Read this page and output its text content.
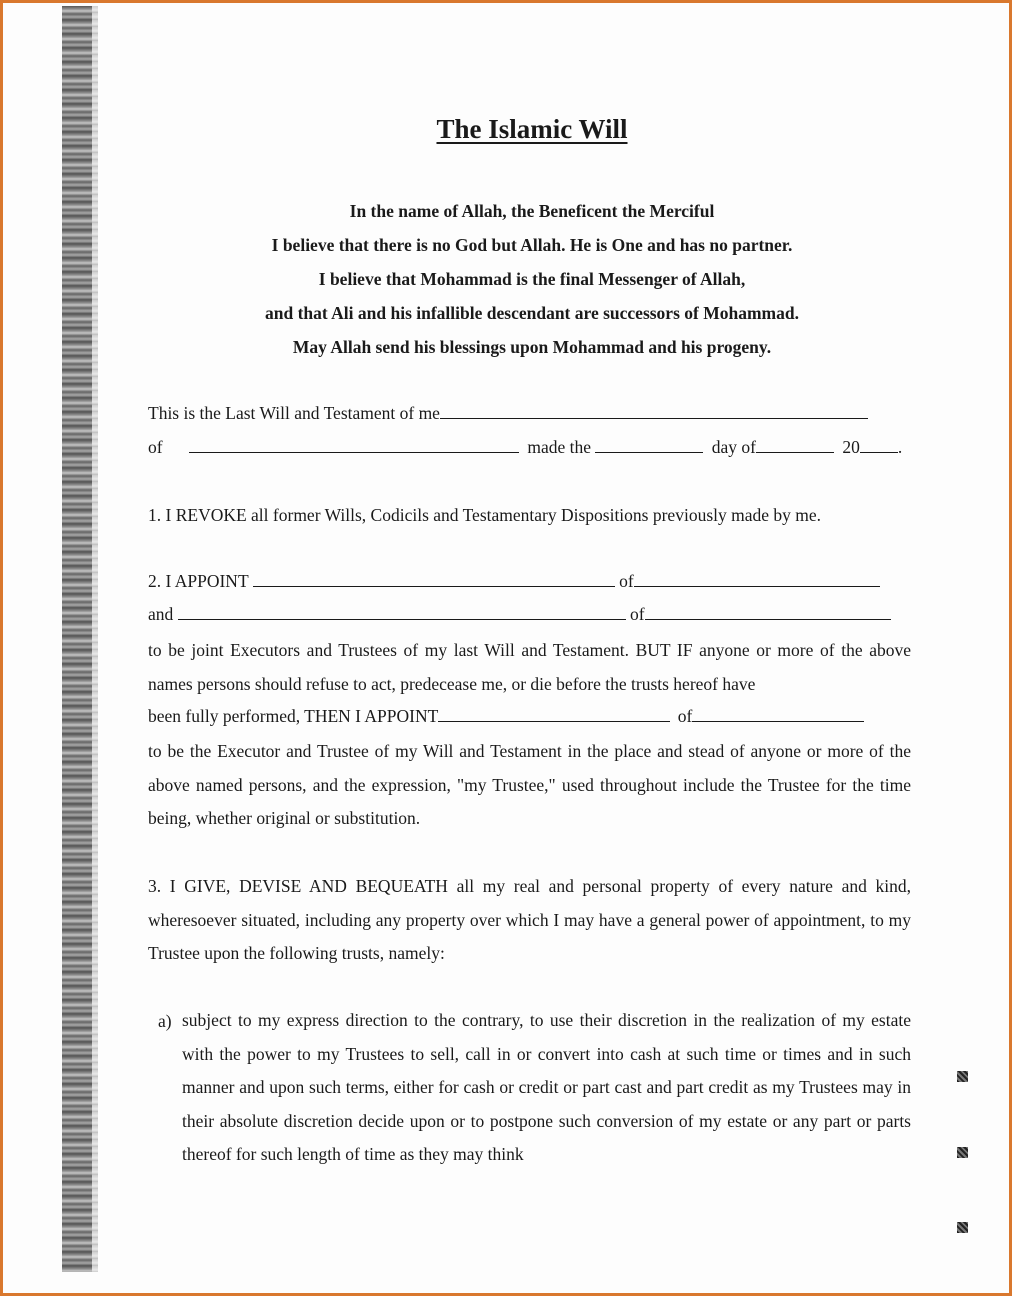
The Islamic Will
In the name of Allah, the Beneficent the Merciful
I believe that there is no God but Allah. He is One and has no partner.
I believe that Mohammad is the final Messenger of Allah,
and that Ali and his infallible descendant are successors of Mohammad.
May Allah send his blessings upon Mohammad and his progeny.
This is the Last Will and Testament of me
of	made the	day of	20 .
1. I REVOKE all former Wills, Codicils and Testamentary Dispositions previously made by me.
2. I APPOINT	of
and	of
to be joint Executors and Trustees of my last Will and Testament. BUT IF anyone or more of the above names persons should refuse to act, predecease me, or die before the trusts hereof have
been fully performed, THEN I APPOINT	of
to be the Executor and Trustee of my Will and Testament in the place and stead of anyone or more of the above named persons, and the expression, "my Trustee," used throughout include the Trustee for the time being, whether original or substitution.
3. I GIVE, DEVISE AND BEQUEATH all my real and personal property of every nature and kind, wheresoever situated, including any property over which I may have a general power of appointment, to my Trustee upon the following trusts, namely:
a) subject to my express direction to the contrary, to use their discretion in the realization of my estate with the power to my Trustees to sell, call in or convert into cash at such time or times and in such manner and upon such terms, either for cash or credit or part cast and part credit as my Trustees may in their absolute discretion decide upon or to postpone such conversion of my estate or any part or parts thereof for such length of time as they may think
